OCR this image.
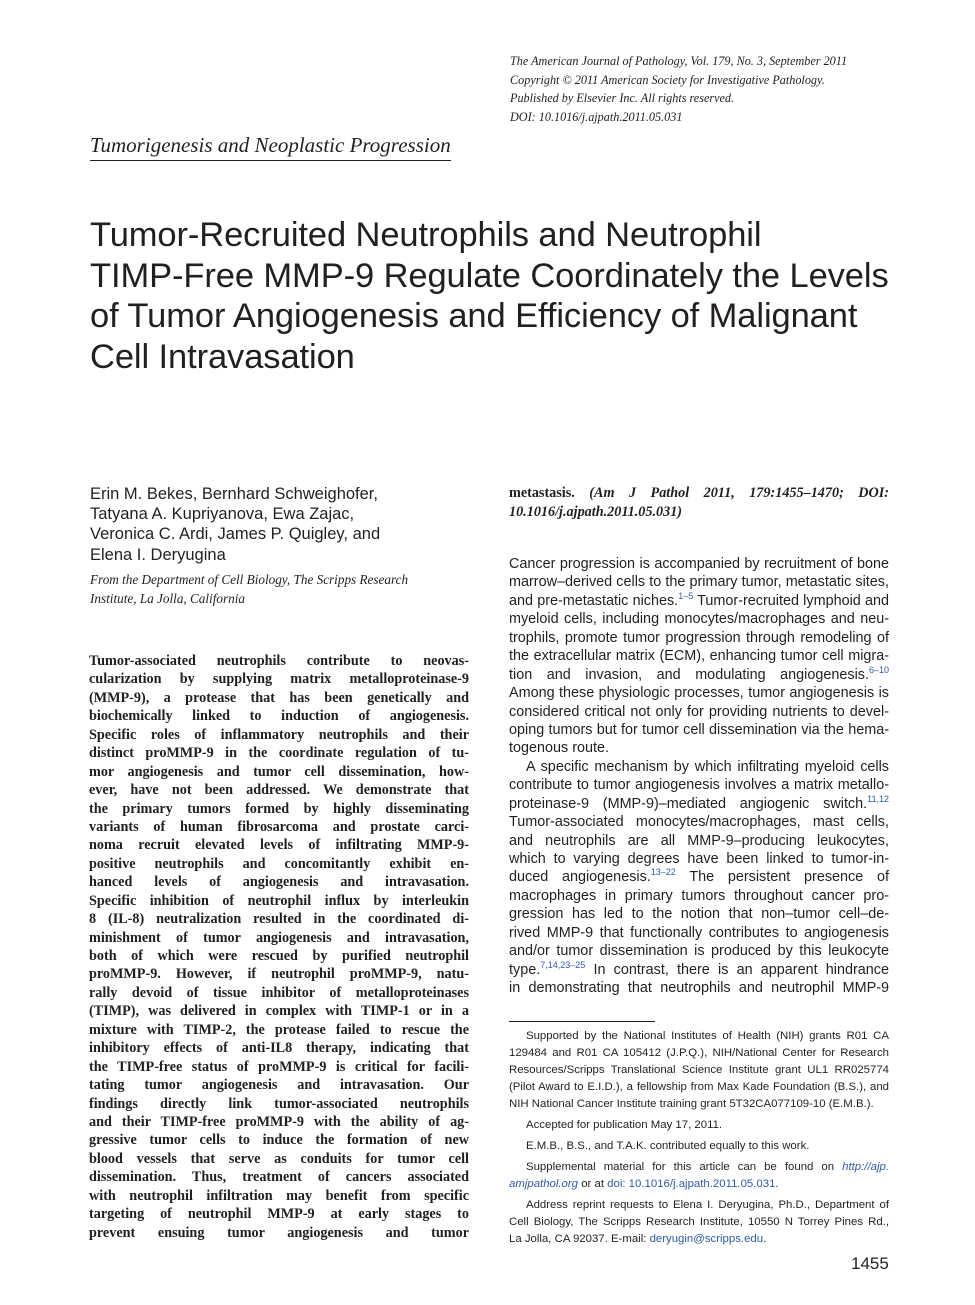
The American Journal of Pathology, Vol. 179, No. 3, September 2011
Copyright © 2011 American Society for Investigative Pathology.
Published by Elsevier Inc. All rights reserved.
DOI: 10.1016/j.ajpath.2011.05.031
Tumorigenesis and Neoplastic Progression
Tumor-Recruited Neutrophils and Neutrophil
TIMP-Free MMP-9 Regulate Coordinately the Levels
of Tumor Angiogenesis and Efficiency of Malignant
Cell Intravasation
Erin M. Bekes, Bernhard Schweighofer,
Tatyana A. Kupriyanova, Ewa Zajac,
Veronica C. Ardi, James P. Quigley, and
Elena I. Deryugina
From the Department of Cell Biology, The Scripps Research
Institute, La Jolla, California
Tumor-associated neutrophils contribute to neovas-
cularization by supplying matrix metalloproteinase-9
(MMP-9), a protease that has been genetically and
biochemically linked to induction of angiogenesis.
Specific roles of inflammatory neutrophils and their
distinct proMMP-9 in the coordinate regulation of tu-
mor angiogenesis and tumor cell dissemination, how-
ever, have not been addressed. We demonstrate that
the primary tumors formed by highly disseminating
variants of human fibrosarcoma and prostate carci-
noma recruit elevated levels of infiltrating MMP-9-
positive neutrophils and concomitantly exhibit en-
hanced levels of angiogenesis and intravasation.
Specific inhibition of neutrophil influx by interleukin
8 (IL-8) neutralization resulted in the coordinated di-
minishment of tumor angiogenesis and intravasation,
both of which were rescued by purified neutrophil
proMMP-9. However, if neutrophil proMMP-9, natu-
rally devoid of tissue inhibitor of metalloproteinases
(TIMP), was delivered in complex with TIMP-1 or in a
mixture with TIMP-2, the protease failed to rescue the
inhibitory effects of anti-IL8 therapy, indicating that
the TIMP-free status of proMMP-9 is critical for facili-
tating tumor angiogenesis and intravasation. Our
findings directly link tumor-associated neutrophils
and their TIMP-free proMMP-9 with the ability of ag-
gressive tumor cells to induce the formation of new
blood vessels that serve as conduits for tumor cell
dissemination. Thus, treatment of cancers associated
with neutrophil infiltration may benefit from specific
targeting of neutrophil MMP-9 at early stages to
prevent ensuing tumor angiogenesis and tumor
metastasis. (Am J Pathol 2011, 179:1455–1470; DOI:
10.1016/j.ajpath.2011.05.031)
Cancer progression is accompanied by recruitment of bone
marrow–derived cells to the primary tumor, metastatic sites,
and pre-metastatic niches.$^{1-5}$ Tumor-recruited lymphoid and
myeloid cells, including monocytes/macrophages and neu-
trophils, promote tumor progression through remodeling of
the extracellular matrix (ECM), enhancing tumor cell migra-
tion and invasion, and modulating angiogenesis.$^{6-10}$
Among these physiologic processes, tumor angiogenesis is
considered critical not only for providing nutrients to devel-
oping tumors but for tumor cell dissemination via the hema-
togenous route.
A specific mechanism by which infiltrating myeloid cells
contribute to tumor angiogenesis involves a matrix metallo-
proteinase-9 (MMP-9)–mediated angiogenic switch.$^{11,12}$
Tumor-associated monocytes/macrophages, mast cells,
and neutrophils are all MMP-9–producing leukocytes,
which to varying degrees have been linked to tumor-in-
duced angiogenesis.$^{13-22}$ The persistent presence of
macrophages in primary tumors throughout cancer pro-
gression has led to the notion that non–tumor cell–de-
rived MMP-9 that functionally contributes to angiogenesis
and/or tumor dissemination is produced by this leukocyte
type.$^{7,14,23-25}$ In contrast, there is an apparent hindrance
in demonstrating that neutrophils and neutrophil MMP-9
Supported by the National Institutes of Health (NIH) grants R01 CA
129484 and R01 CA 105412 (J.P.Q.), NIH/National Center for Research
Resources/Scripps Translational Science Institute grant UL1 RR025774
(Pilot Award to E.I.D.), a fellowship from Max Kade Foundation (B.S.), and
NIH National Cancer Institute training grant 5T32CA077109-10 (E.M.B.).
Accepted for publication May 17, 2011.
E.M.B., B.S., and T.A.K. contributed equally to this work.
Supplemental material for this article can be found on http://ajp.
amjpathol.org or at doi: 10.1016/j.ajpath.2011.05.031.
Address reprint requests to Elena I. Deryugina, Ph.D., Department of
Cell Biology, The Scripps Research Institute, 10550 N Torrey Pines Rd.,
La Jolla, CA 92037. E-mail: deryugin@scripps.edu.
1455
